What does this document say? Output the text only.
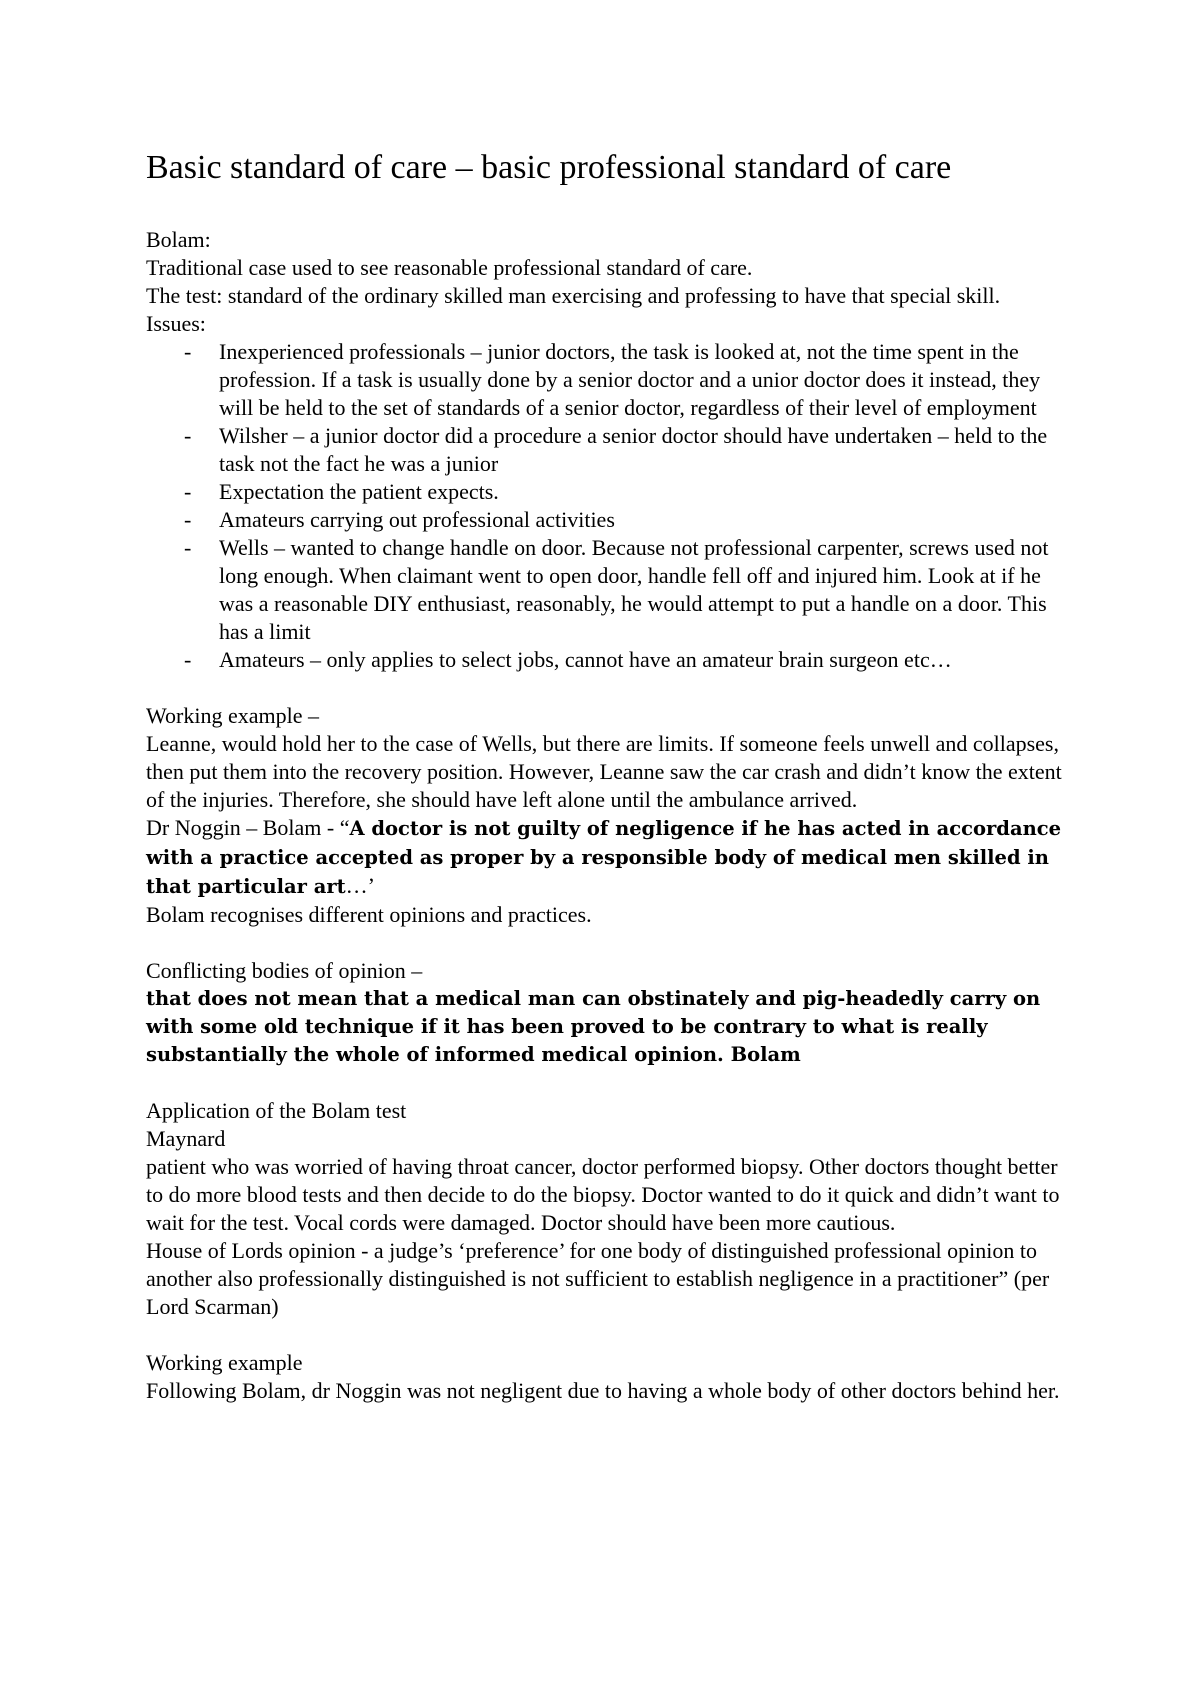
Basic standard of care – basic professional standard of care

Bolam:

Traditional case used to see reasonable professional standard of care.

The test: standard of the ordinary skilled man exercising and professing to have that special skill.

Issues:

- Inexperienced professionals – junior doctors, the task is looked at, not the time spent in the profession. If a task is usually done by a senior doctor and a unior doctor does it instead, they will be held to the set of standards of a senior doctor, regardless of their level of employment
- Wilsher – a junior doctor did a procedure a senior doctor should have undertaken – held to the task not the fact he was a junior
- Expectation the patient expects.
- Amateurs carrying out professional activities
- Wells – wanted to change handle on door. Because not professional carpenter, screws used not long enough. When claimant went to open door, handle fell off and injured him. Look at if he was a reasonable DIY enthusiast, reasonably, he would attempt to put a handle on a door. This has a limit
- Amateurs – only applies to select jobs, cannot have an amateur brain surgeon etc…

Working example –

Leanne, would hold her to the case of Wells, but there are limits. If someone feels unwell and collapses, then put them into the recovery position. However, Leanne saw the car crash and didn’t know the extent of the injuries. Therefore, she should have left alone until the ambulance arrived.

Dr Noggin – Bolam - “A doctor is not guilty of negligence if he has acted in accordance with a practice accepted as proper by a responsible body of medical men skilled in that particular art…’

Bolam recognises different opinions and practices.

Conflicting bodies of opinion –

that does not mean that a medical man can obstinately and pig-headedly carry on with some old technique if it has been proved to be contrary to what is really substantially the whole of informed medical opinion. Bolam

Application of the Bolam test

Maynard

patient who was worried of having throat cancer, doctor performed biopsy. Other doctors thought better to do more blood tests and then decide to do the biopsy. Doctor wanted to do it quick and didn’t want to wait for the test. Vocal cords were damaged. Doctor should have been more cautious.

House of Lords opinion - a judge’s ‘preference’ for one body of distinguished professional opinion to another also professionally distinguished is not sufficient to establish negligence in a practitioner” (per Lord Scarman)

Working example

Following Bolam, dr Noggin was not negligent due to having a whole body of other doctors behind her.
